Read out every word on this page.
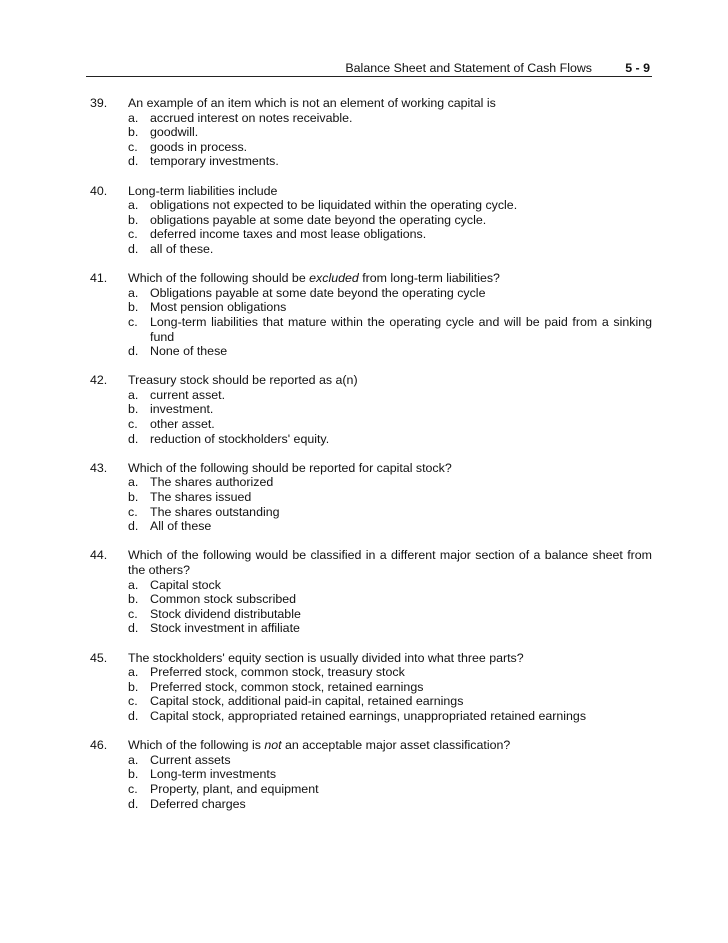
Balance Sheet and Statement of Cash Flows	5 - 9
39. An example of an item which is not an element of working capital is
a. accrued interest on notes receivable.
b. goodwill.
c. goods in process.
d. temporary investments.
40. Long-term liabilities include
a. obligations not expected to be liquidated within the operating cycle.
b. obligations payable at some date beyond the operating cycle.
c. deferred income taxes and most lease obligations.
d. all of these.
41. Which of the following should be excluded from long-term liabilities?
a. Obligations payable at some date beyond the operating cycle
b. Most pension obligations
c. Long-term liabilities that mature within the operating cycle and will be paid from a sinking fund
d. None of these
42. Treasury stock should be reported as a(n)
a. current asset.
b. investment.
c. other asset.
d. reduction of stockholders' equity.
43. Which of the following should be reported for capital stock?
a. The shares authorized
b. The shares issued
c. The shares outstanding
d. All of these
44. Which of the following would be classified in a different major section of a balance sheet from the others?
a. Capital stock
b. Common stock subscribed
c. Stock dividend distributable
d. Stock investment in affiliate
45. The stockholders' equity section is usually divided into what three parts?
a. Preferred stock, common stock, treasury stock
b. Preferred stock, common stock, retained earnings
c. Capital stock, additional paid-in capital, retained earnings
d. Capital stock, appropriated retained earnings, unappropriated retained earnings
46. Which of the following is not an acceptable major asset classification?
a. Current assets
b. Long-term investments
c. Property, plant, and equipment
d. Deferred charges
